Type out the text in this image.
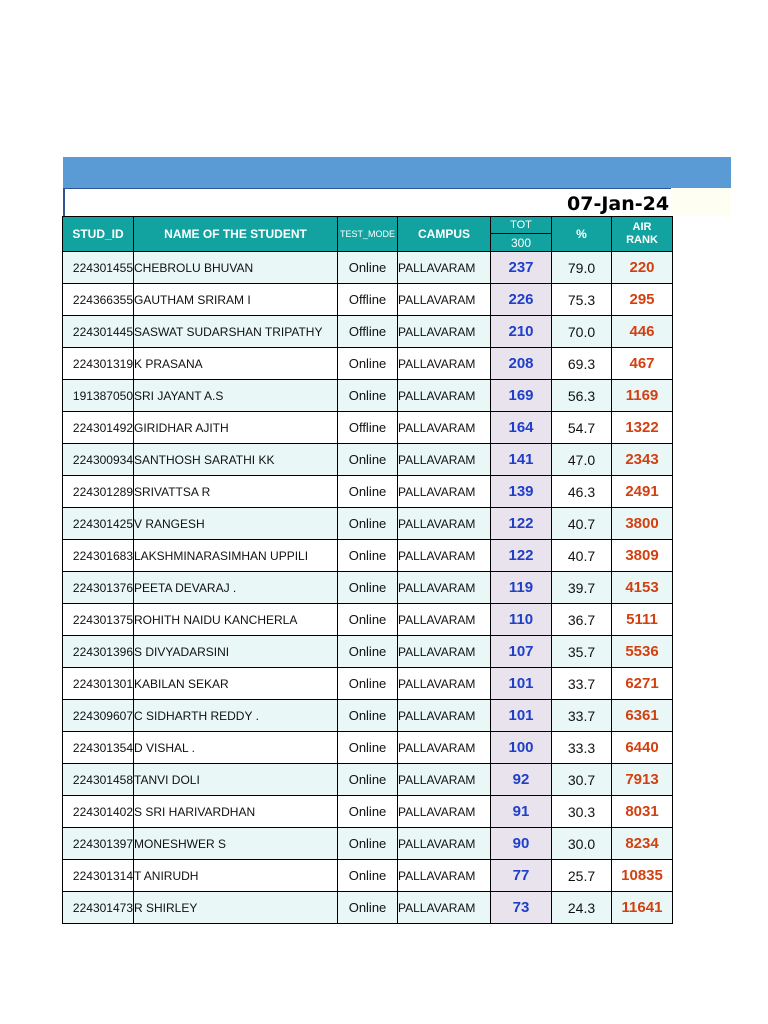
07-Jan-24
STUD_ID	NAME OF THE STUDENT	TEST_MODE	CAMPUS	TOT	%	AIR
RANK

				300		
224301455	CHEBROLU BHUVAN	Online	PALLAVARAM	237	79.0	220
224366355	GAUTHAM SRIRAM I	Offline	PALLAVARAM	226	75.3	295
224301445	SASWAT SUDARSHAN TRIPATHY	Offline	PALLAVARAM	210	70.0	446
224301319	K PRASANA	Online	PALLAVARAM	208	69.3	467
191387050	SRI JAYANT A.S	Online	PALLAVARAM	169	56.3	1169
224301492	GIRIDHAR AJITH	Offline	PALLAVARAM	164	54.7	1322
224300934	SANTHOSH SARATHI KK	Online	PALLAVARAM	141	47.0	2343
224301289	SRIVATTSA R	Online	PALLAVARAM	139	46.3	2491
224301425	V RANGESH	Online	PALLAVARAM	122	40.7	3800
224301683	LAKSHMINARASIMHAN UPPILI	Online	PALLAVARAM	122	40.7	3809
224301376	PEETA DEVARAJ .	Online	PALLAVARAM	119	39.7	4153
224301375	ROHITH NAIDU KANCHERLA	Online	PALLAVARAM	110	36.7	5111
224301396	S DIVYADARSINI	Online	PALLAVARAM	107	35.7	5536
224301301	KABILAN SEKAR	Online	PALLAVARAM	101	33.7	6271
224309607	C SIDHARTH REDDY .	Online	PALLAVARAM	101	33.7	6361
224301354	D VISHAL .	Online	PALLAVARAM	100	33.3	6440
224301458	TANVI DOLI	Online	PALLAVARAM	92	30.7	7913
224301402	S SRI HARIVARDHAN	Online	PALLAVARAM	91	30.3	8031
224301397	MONESHWER S	Online	PALLAVARAM	90	30.0	8234
224301314	T ANIRUDH	Online	PALLAVARAM	77	25.7	10835
224301473	R SHIRLEY	Online	PALLAVARAM	73	24.3	11641
